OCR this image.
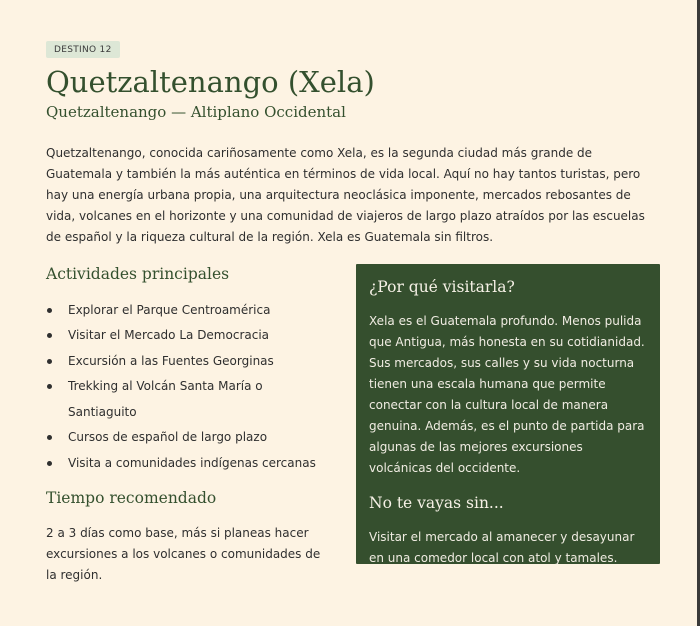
DESTINO 12
Quetzaltenango (Xela)
Quetzaltenango — Altiplano Occidental

Quetzaltenango, conocida cariñosamente como Xela, es la segunda ciudad más grande de Guatemala y también la más auténtica en términos de vida local. Aquí no hay tantos turistas, pero hay una energía urbana propia, una arquitectura neoclásica imponente, mercados rebosantes de vida, volcanes en el horizonte y una comunidad de viajeros de largo plazo atraídos por las escuelas de español y la riqueza cultural de la región. Xela es Guatemala sin filtros.

Actividades principales
Explorar el Parque Centroamérica
Visitar el Mercado La Democracia
Excursión a las Fuentes Georginas
Trekking al Volcán Santa María o Santiaguito
Cursos de español de largo plazo
Visita a comunidades indígenas cercanas
Tiempo recomendado

2 a 3 días como base, más si planeas hacer excursiones a los volcanes o comunidades de la región.

¿Por qué visitarla?

Xela es el Guatemala profundo. Menos pulida que Antigua, más honesta en su cotidianidad. Sus mercados, sus calles y su vida nocturna tienen una escala humana que permite conectar con la cultura local de manera genuina. Además, es el punto de partida para algunas de las mejores excursiones volcánicas del occidente.

No te vayas sin...

Visitar el mercado al amanecer y desayunar en una comedor local con atol y tamales.
